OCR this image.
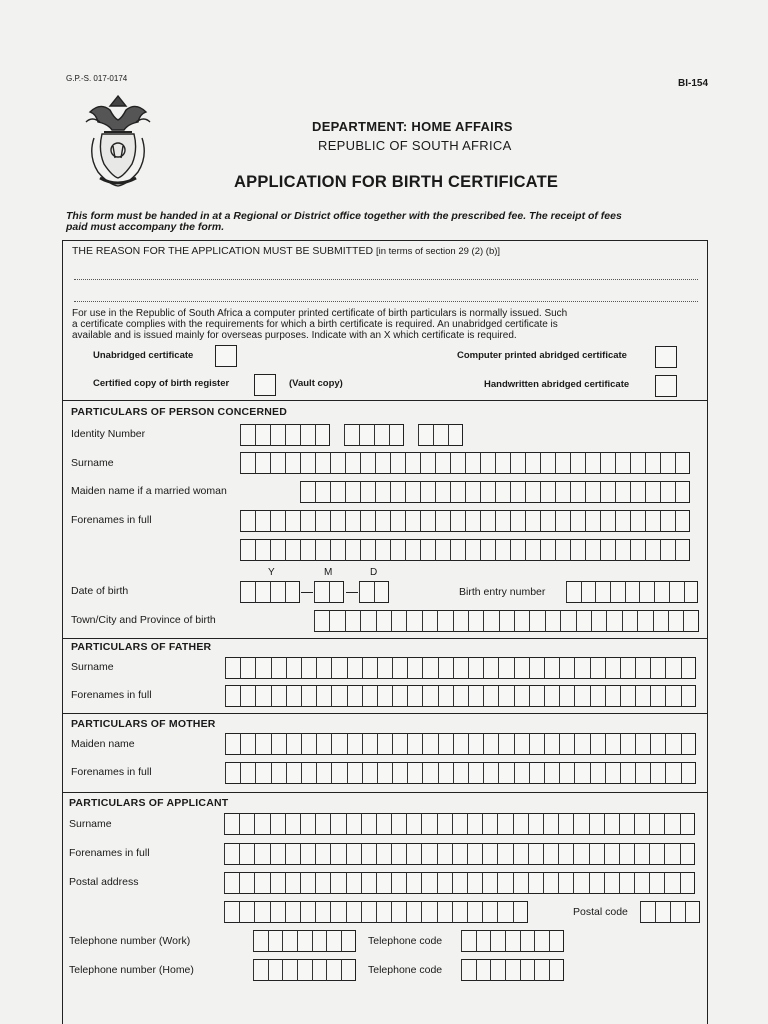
G.P.-S. 017-0174	BI-154
DEPARTMENT: HOME AFFAIRS
REPUBLIC OF SOUTH AFRICA
APPLICATION FOR BIRTH CERTIFICATE
This form must be handed in at a Regional or District office together with the prescribed fee. The receipt of fees
paid must accompany the form.
THE REASON FOR THE APPLICATION MUST BE SUBMITTED [in terms of section 29 (2) (b)]
For use in the Republic of South Africa a computer printed certificate of birth particulars is normally issued. Such
a certificate complies with the requirements for which a birth certificate is required. An unabridged certificate is
available and is issued mainly for overseas purposes. Indicate with an X which certificate is required.
Unabridged certificate	Computer printed abridged certificate
Certified copy of birth register	(Vault copy)	Handwritten abridged certificate
PARTICULARS OF PERSON CONCERNED
Identity Number
Surname
Maiden name if a married woman
Forenames in full
Y	M	D
Date of birth	Birth entry number
Town/City and Province of birth
PARTICULARS OF FATHER
Surname
Forenames in full
PARTICULARS OF MOTHER
Maiden name
Forenames in full
PARTICULARS OF APPLICANT
Surname
Forenames in full
Postal address
Postal code
Telephone number (Work)	Telephone code
Telephone number (Home)	Telephone code
